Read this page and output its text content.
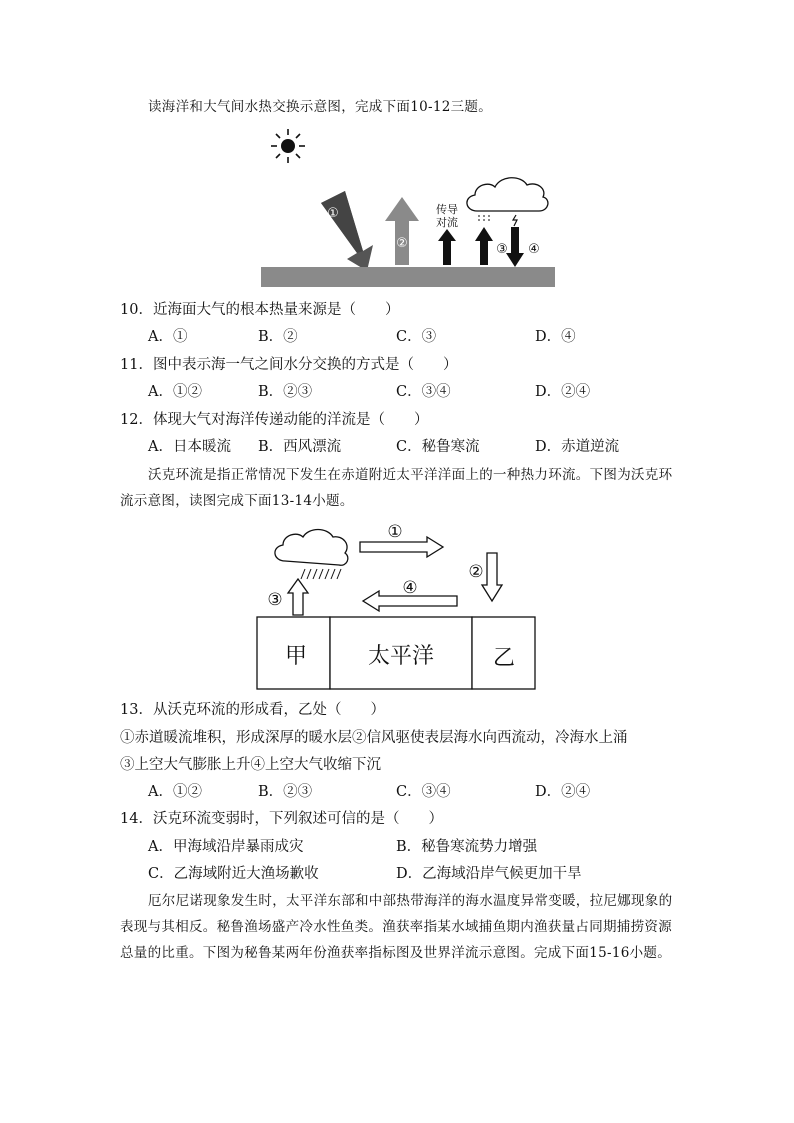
读海洋和大气间水热交换示意图，完成下面10-12三题。
①
②
传导
对流
③ ④
10．近海面大气的根本热量来源是（　　）
A．①	B．②	C．③	D．④
11．图中表示海一气之间水分交换的方式是（　　）
A．①②	B．②③	C．③④	D．②④
12．体现大气对海洋传递动能的洋流是（　　）
A．日本暖流 B．西风漂流	C．秘鲁寒流	D．赤道逆流
沃克环流是指正常情况下发生在赤道附近太平洋洋面上的一种热力环流。下图为沃克环
流示意图，读图完成下面13-14小题。
①
②
④
③
甲	太平洋	乙
13．从沃克环流的形成看，乙处（　　）
①赤道暖流堆积，形成深厚的暖水层②信风驱使表层海水向西流动，冷海水上涌
③上空大气膨胀上升④上空大气收缩下沉
A．①②	B．②③	C．③④	D．②④
14．沃克环流变弱时，下列叙述可信的是（　　）
A．甲海域沿岸暴雨成灾	B．秘鲁寒流势力增强
C．乙海域附近大渔场歉收	D．乙海域沿岸气候更加干旱
厄尔尼诺现象发生时，太平洋东部和中部热带海洋的海水温度异常变暖，拉尼娜现象的
表现与其相反。秘鲁渔场盛产冷水性鱼类。渔获率指某水域捕鱼期内渔获量占同期捕捞资源
总量的比重。下图为秘鲁某两年份渔获率指标图及世界洋流示意图。完成下面15-16小题。
